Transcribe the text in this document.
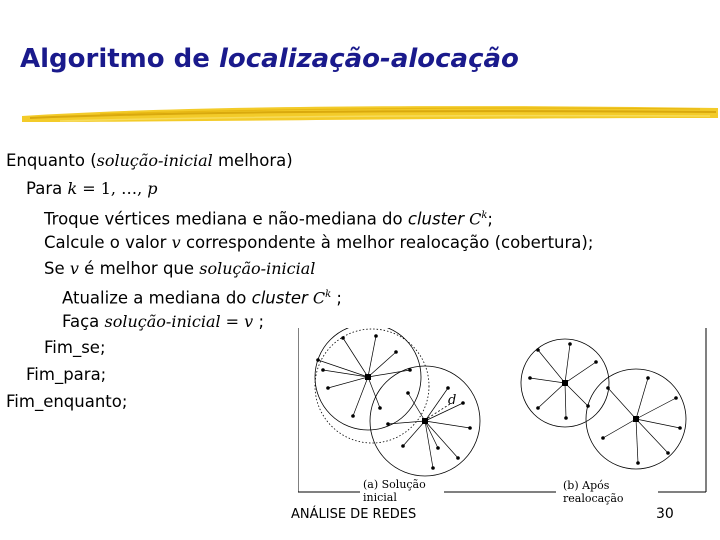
Algoritmo de localização-alocação
Enquanto (solução-inicial melhora)
Para k = 1, …, p
Troque vértices mediana e não-mediana do cluster $C^k$;
Calcule o valor v correspondente à melhor realocação (cobertura);
Se v é melhor que solução-inicial
Atualize a mediana do cluster $C^k$ ;
Faça solução-inicial = v ;
Fim_se;
Fim_para;
Fim_enquanto;	d
(a) Solução
inicial
(b) Após
realocação
ANÁLISE DE REDES	30
